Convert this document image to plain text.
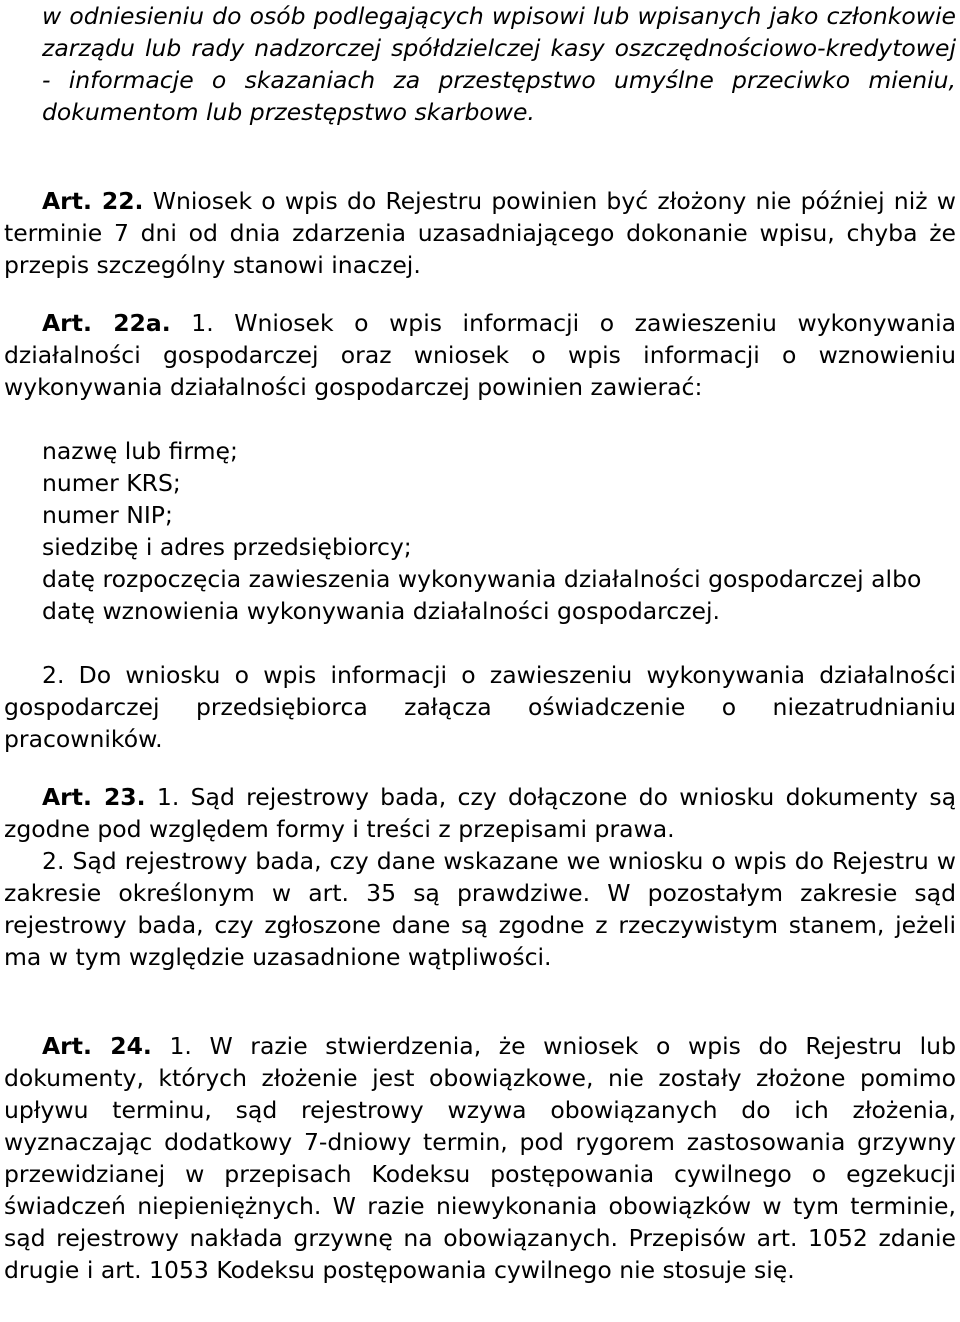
w odniesieniu do osób podlegających wpisowi lub wpisanych jako członkowie zarządu lub rady nadzorczej spółdzielczej kasy oszczędnościowo-kredytowej - informacje o skazaniach za przestępstwo umyślne przeciwko mieniu, dokumentom lub przestępstwo skarbowe.
Art. 22. Wniosek o wpis do Rejestru powinien być złożony nie później niż w terminie 7 dni od dnia zdarzenia uzasadniającego dokonanie wpisu, chyba że przepis szczególny stanowi inaczej.
Art. 22a. 1. Wniosek o wpis informacji o zawieszeniu wykonywania działalności gospodarczej oraz wniosek o wpis informacji o wznowieniu wykonywania działalności gospodarczej powinien zawierać:
nazwę lub firmę;
numer KRS;
numer NIP;
siedzibę i adres przedsiębiorcy;
datę rozpoczęcia zawieszenia wykonywania działalności gospodarczej albo
datę wznowienia wykonywania działalności gospodarczej.
2. Do wniosku o wpis informacji o zawieszeniu wykonywania działalności gospodarczej przedsiębiorca załącza oświadczenie o niezatrudnianiu pracowników.
Art. 23. 1. Sąd rejestrowy bada, czy dołączone do wniosku dokumenty są zgodne pod względem formy i treści z przepisami prawa.
2. Sąd rejestrowy bada, czy dane wskazane we wniosku o wpis do Rejestru w zakresie określonym w art. 35 są prawdziwe. W pozostałym zakresie sąd rejestrowy bada, czy zgłoszone dane są zgodne z rzeczywistym stanem, jeżeli ma w tym względzie uzasadnione wątpliwości.
Art. 24. 1. W razie stwierdzenia, że wniosek o wpis do Rejestru lub dokumenty, których złożenie jest obowiązkowe, nie zostały złożone pomimo upływu terminu, sąd rejestrowy wzywa obowiązanych do ich złożenia, wyznaczając dodatkowy 7-dniowy termin, pod rygorem zastosowania grzywny przewidzianej w przepisach Kodeksu postępowania cywilnego o egzekucji świadczeń niepieniężnych. W razie niewykonania obowiązków w tym terminie, sąd rejestrowy nakłada grzywnę na obowiązanych. Przepisów art. 1052 zdanie drugie i art. 1053 Kodeksu postępowania cywilnego nie stosuje się.
